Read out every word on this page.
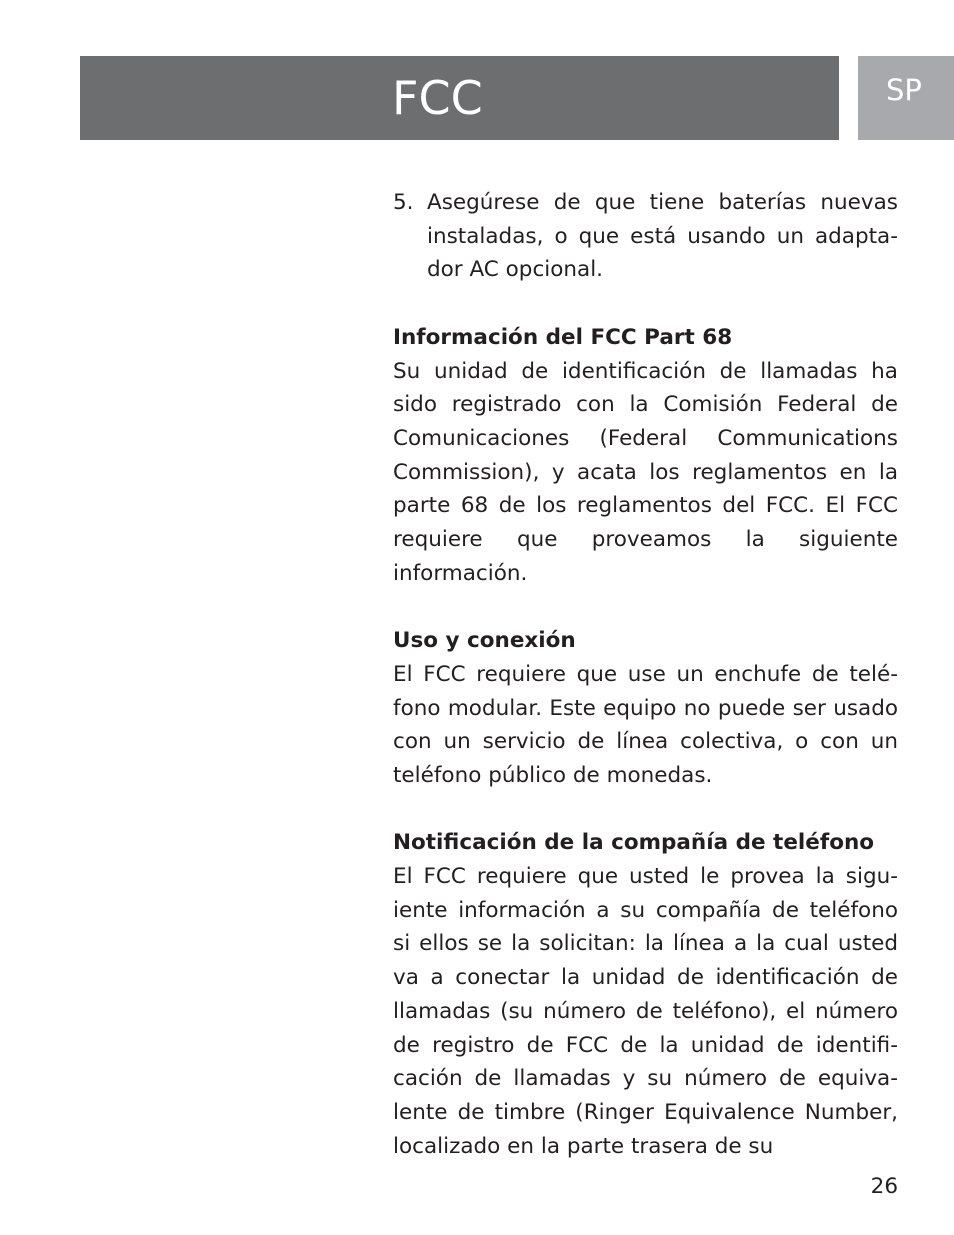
FCC	SP
5. Asegúrese de que tiene baterías nuevas instaladas, o que está usando un adaptador AC opcional.

Información del FCC Part 68

Su unidad de identificación de llamadas ha sido registrado con la Comisión Federal de Comunicaciones (Federal Communications Commission), y acata los reglamentos en la parte 68 de los reglamentos del FCC. El FCC requiere que proveamos la siguiente información.

Uso y conexión

El FCC requiere que use un enchufe de teléfono modular. Este equipo no puede ser usado con un servicio de línea colectiva, o con un teléfono público de monedas.

Notificación de la compañía de teléfono

El FCC requiere que usted le provea la siguiente información a su compañía de teléfono si ellos se la solicitan: la línea a la cual usted va a conectar la unidad de identificación de llamadas (su número de teléfono), el número de registro de FCC de la unidad de identificación de llamadas y su número de equivalente de timbre (Ringer Equivalence Number, localizado en la parte trasera de su

26
